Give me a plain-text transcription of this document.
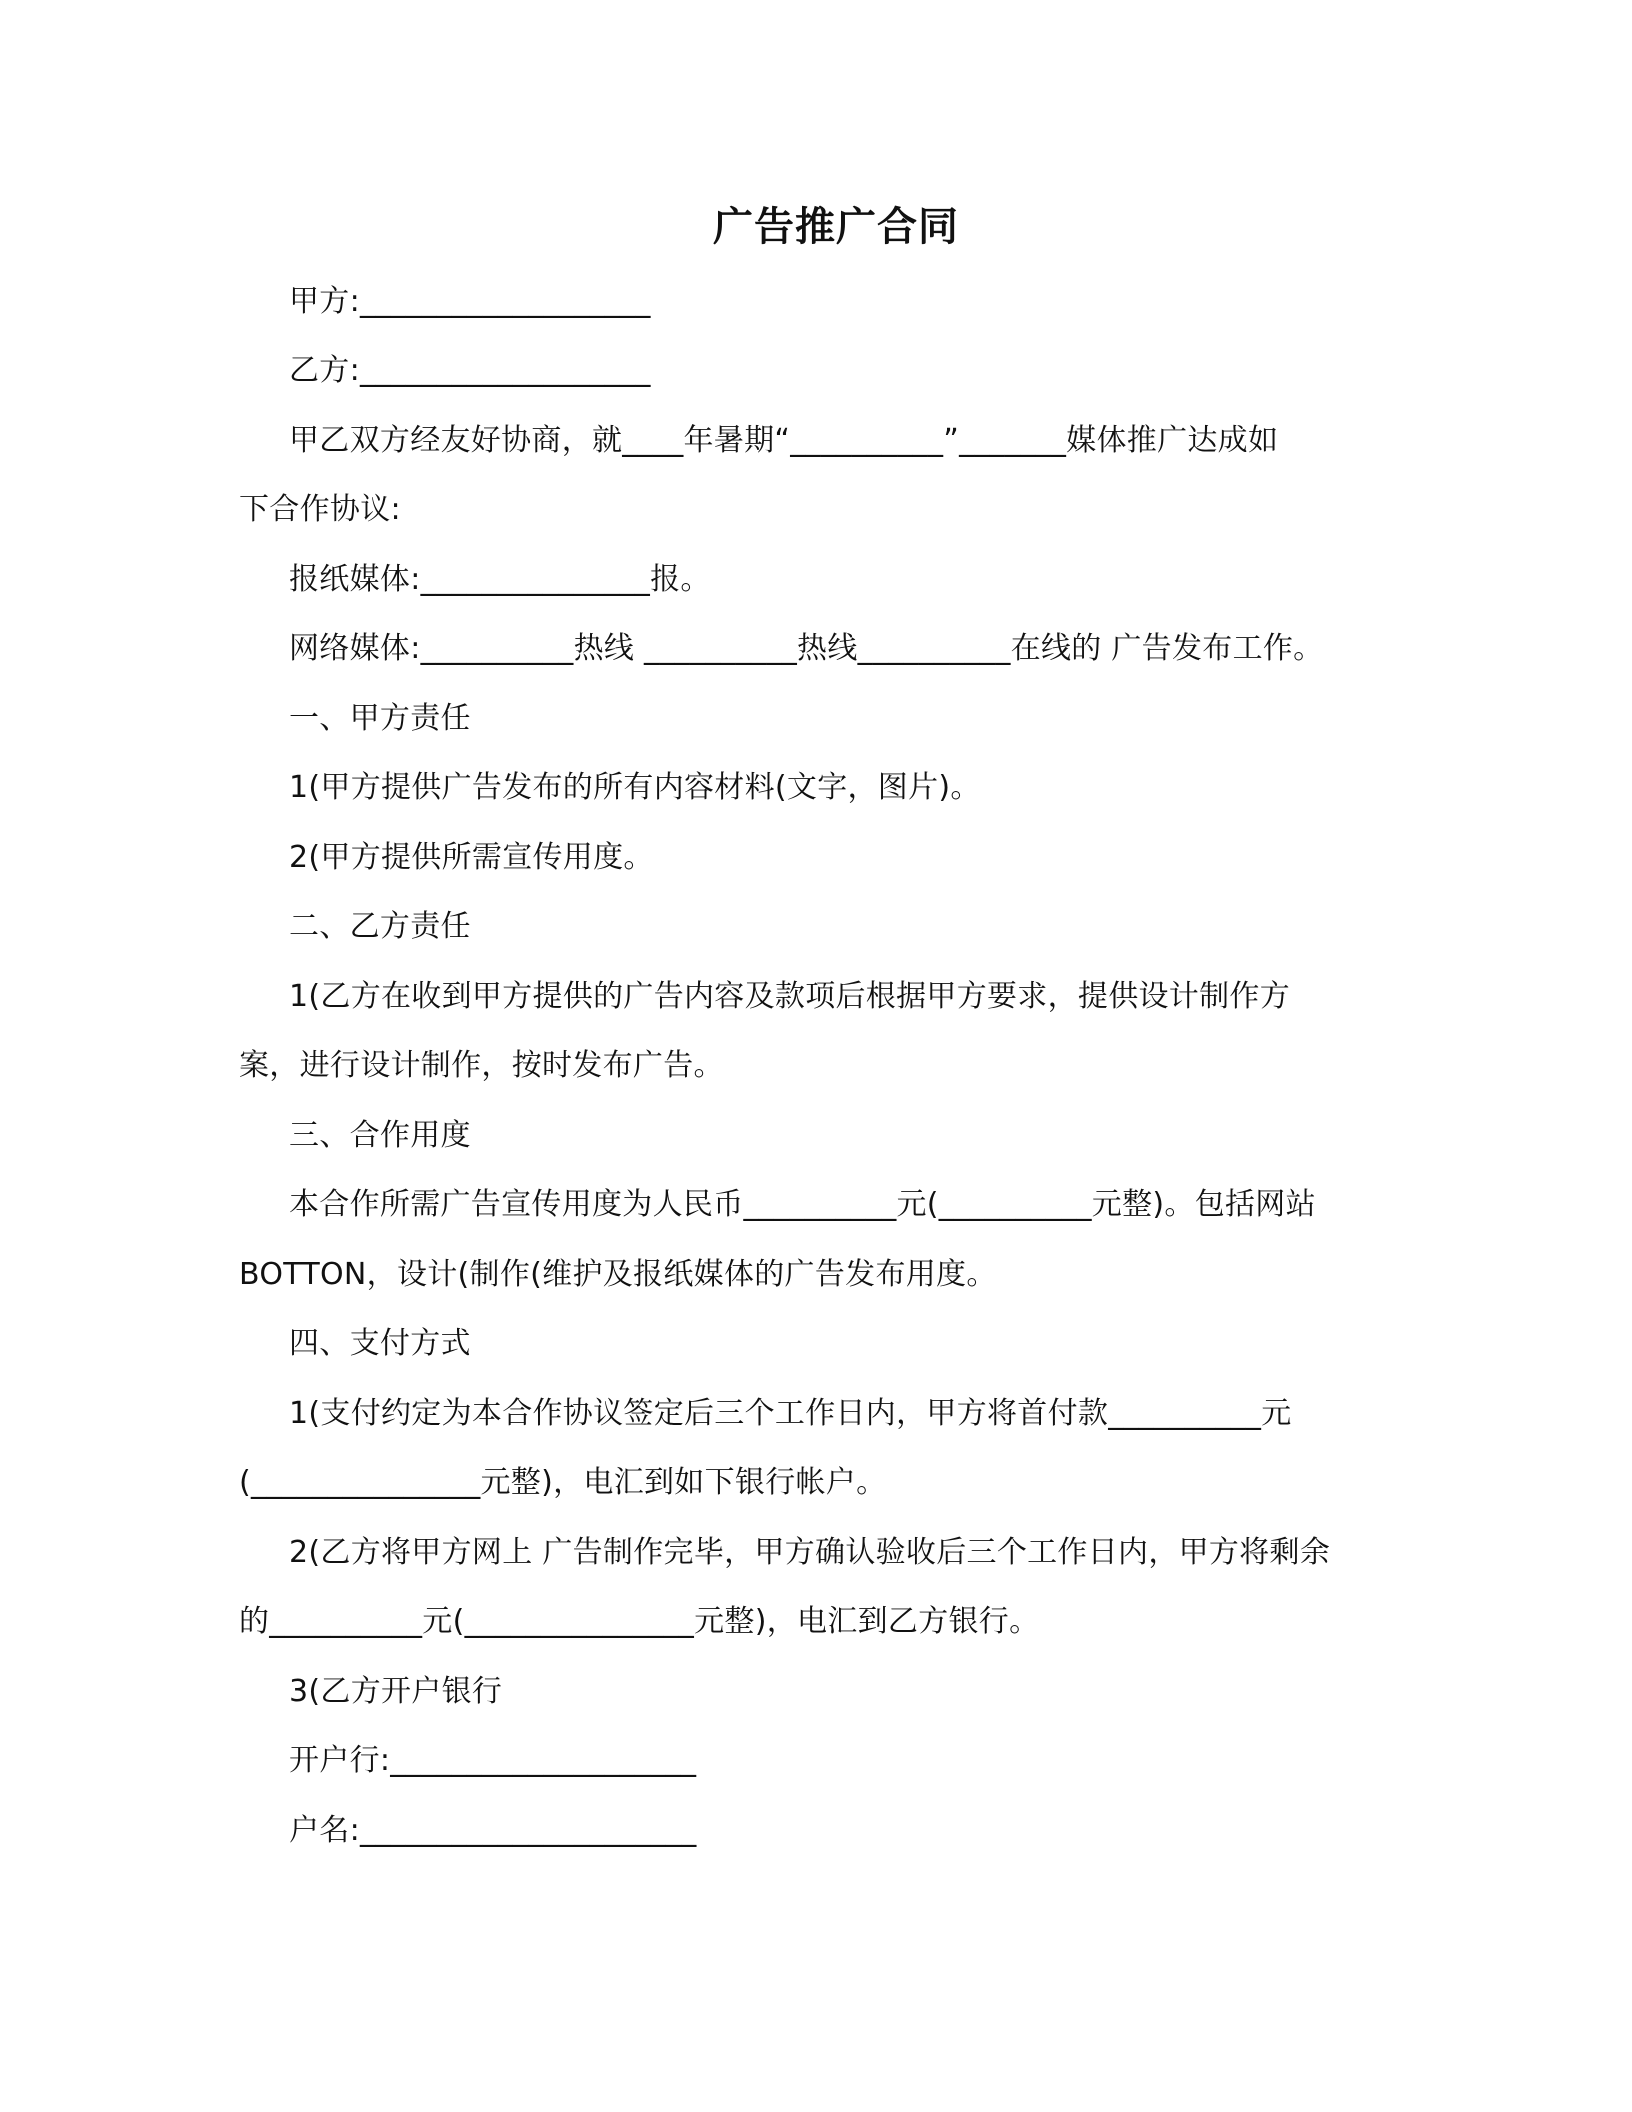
广告推广合同
甲方:___________________
乙方:___________________
甲乙双方经友好协商，就____年暑期“__________”_______媒体推广达成如
下合作协议:
报纸媒体:_______________报。
网络媒体:__________热线 __________热线__________在线的 广告发布工作。
一、甲方责任
1(甲方提供广告发布的所有内容材料(文字，图片)。
2(甲方提供所需宣传用度。
二、乙方责任
1(乙方在收到甲方提供的广告内容及款项后根据甲方要求，提供设计制作方
案，进行设计制作，按时发布广告。
三、合作用度
本合作所需广告宣传用度为人民币__________元(__________元整)。包括网站
BOTTON，设计(制作(维护及报纸媒体的广告发布用度。
四、支付方式
1(支付约定为本合作协议签定后三个工作日内，甲方将首付款__________元
(_______________元整)，电汇到如下银行帐户。
2(乙方将甲方网上 广告制作完毕，甲方确认验收后三个工作日内，甲方将剩余
的__________元(_______________元整)，电汇到乙方银行。
3(乙方开户银行
开户行:____________________
户名:______________________
